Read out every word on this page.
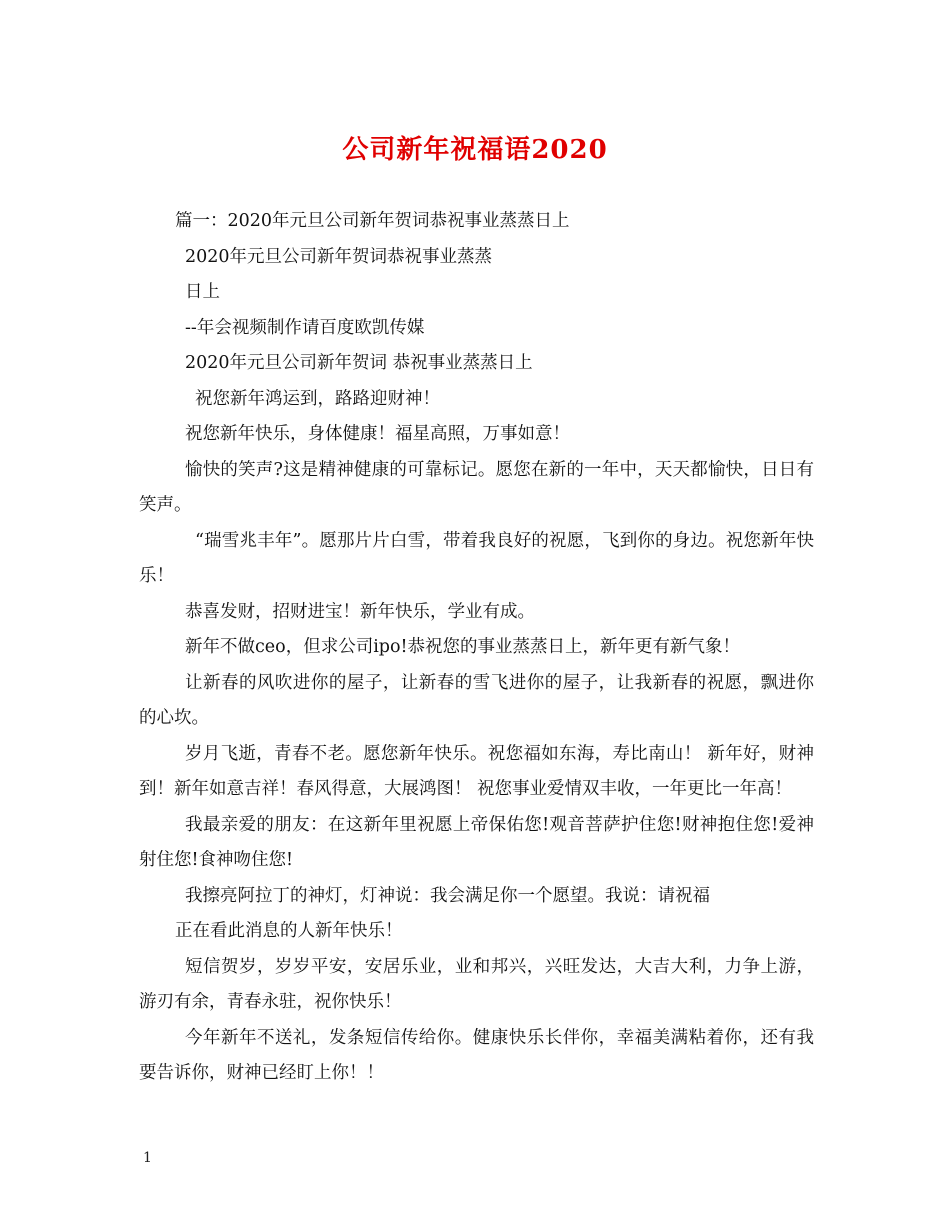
公司新年祝福语2020

篇一：2020年元旦公司新年贺词恭祝事业蒸蒸日上

2020年元旦公司新年贺词恭祝事业蒸蒸

日上

--年会视频制作请百度欧凯传媒

2020年元旦公司新年贺词 恭祝事业蒸蒸日上

祝您新年鸿运到，路路迎财神！

祝您新年快乐，身体健康！福星高照，万事如意！

愉快的笑声?这是精神健康的可靠标记。愿您在新的一年中，天天都愉快，日日有笑声。

“瑞雪兆丰年”。愿那片片白雪，带着我良好的祝愿，飞到你的身边。祝您新年快乐！

恭喜发财，招财进宝！新年快乐，学业有成。

新年不做ceo，但求公司ipo!恭祝您的事业蒸蒸日上，新年更有新气象！

让新春的风吹进你的屋子，让新春的雪飞进你的屋子，让我新春的祝愿，飘进你的心坎。

岁月飞逝，青春不老。愿您新年快乐。祝您福如东海，寿比南山！ 新年好，财神到！新年如意吉祥！春风得意，大展鸿图！ 祝您事业爱情双丰收，一年更比一年高！

我最亲爱的朋友：在这新年里祝愿上帝保佑您!观音菩萨护住您!财神抱住您!爱神射住您!食神吻住您!

我擦亮阿拉丁的神灯，灯神说：我会满足你一个愿望。我说：请祝福

正在看此消息的人新年快乐！

短信贺岁，岁岁平安，安居乐业，业和邦兴，兴旺发达，大吉大利，力争上游，游刃有余，青春永驻，祝你快乐！

今年新年不送礼，发条短信传给你。健康快乐长伴你，幸福美满粘着你，还有我要告诉你，财神已经盯上你！！

1
